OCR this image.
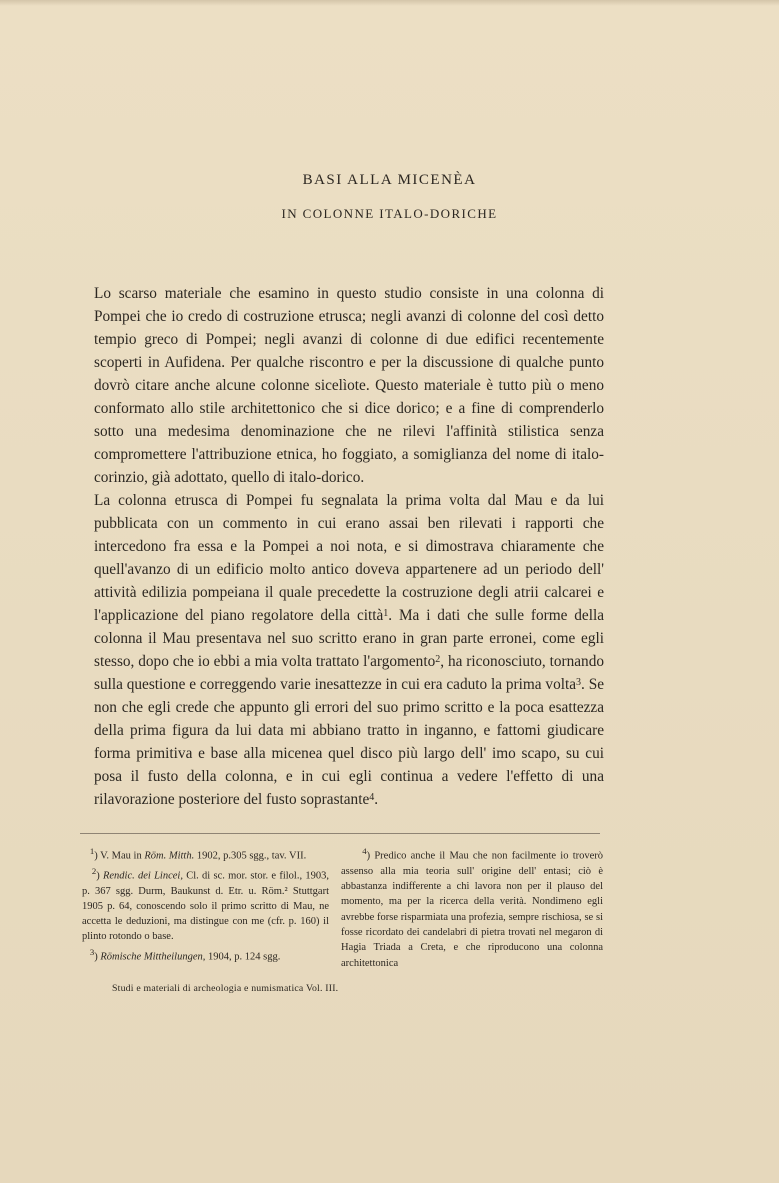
BASI ALLA MICENÈA
IN COLONNE ITALO-DORICHE

Lo scarso materiale che esamino in questo studio consiste in una colonna di Pompei che io credo di costruzione etrusca; negli avanzi di colonne del così detto tempio greco di Pompei; negli avanzi di colonne di due edifici recentemente scoperti in Aufidena. Per qualche riscontro e per la discussione di qualche punto dovrò citare anche alcune colonne sicelìote. Questo materiale è tutto più o meno conformato allo stile architettonico che si dice dorico; e a fine di comprenderlo sotto una medesima denominazione che ne rilevi l'affinità stilistica senza compromettere l'attribuzione etnica, ho foggiato, a somiglianza del nome di italo-corinzio, già adottato, quello di italo-dorico.

La colonna etrusca di Pompei fu segnalata la prima volta dal Mau e da lui pubblicata con un commento in cui erano assai ben rilevati i rapporti che intercedono fra essa e la Pompei a noi nota, e si dimostrava chiaramente che quell'avanzo di un edificio molto antico doveva appartenere ad un periodo dell' attività edilizia pompeiana il quale precedette la costruzione degli atrii calcarei e l'applicazione del piano regolatore della città$^1$. Ma i dati che sulle forme della colonna il Mau presentava nel suo scritto erano in gran parte erronei, come egli stesso, dopo che io ebbi a mia volta trattato l'argomento$^2$, ha riconosciuto, tornando sulla questione e correggendo varie inesattezze in cui era caduto la prima volta$^3$. Se non che egli crede che appunto gli errori del suo primo scritto e la poca esattezza della prima figura da lui data mi abbiano tratto in inganno, e fattomi giudicare forma primitiva e base alla micenea quel disco più largo dell' imo scapo, su cui posa il fusto della colonna, e in cui egli continua a vedere l'effetto di una rilavorazione posteriore del fusto soprastante$^4$.

$^1$) V. Mau in Röm. Mitth. 1902, p.305 sgg., tav. VII.

$^2$) Rendic. dei Lincei, Cl. di sc. mor. stor. e filol., 1903, p. 367 sgg. Durm, Baukunst d. Etr. u. Röm.² Stuttgart 1905 p. 64, conoscendo solo il primo scritto di Mau, ne accetta le deduzioni, ma distingue con me (cfr. p. 160) il plinto rotondo o base.

$^3$) Römische Mittheilungen, 1904, p. 124 sgg.

$^4$) Predico anche il Mau che non facilmente io troverò assenso alla mia teoria sull' origine dell' entasi; ciò è abbastanza indifferente a chi lavora non per il plauso del momento, ma per la ricerca della verità. Nondimeno egli avrebbe forse risparmiata una profezia, sempre rischiosa, se si fosse ricordato dei candelabri di pietra trovati nel megaron di Hagia Triada a Creta, e che riproducono una colonna architettonica

Studi e materiali di archeologia e numismatica Vol. III.
